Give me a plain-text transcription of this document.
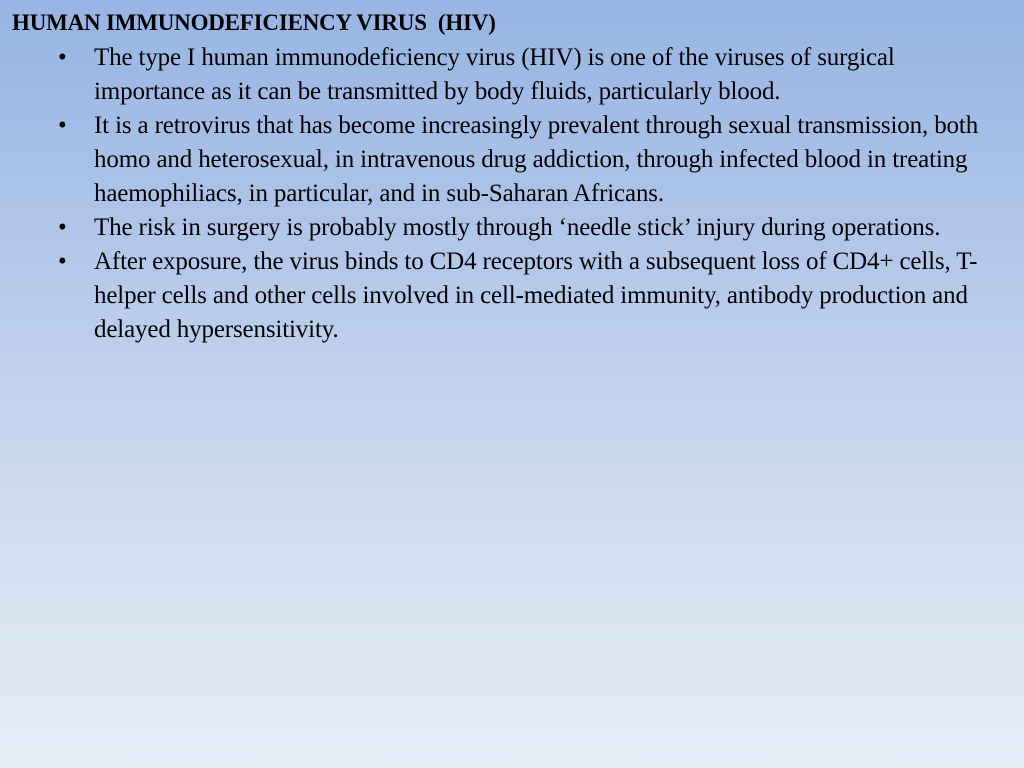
HUMAN IMMUNODEFICIENCY VIRUS  (HIV)
• The type I human immunodeficiency virus (HIV) is one of the viruses of surgical importance as it can be transmitted by body fluids, particularly blood.
• It is a retrovirus that has become increasingly prevalent through sexual transmission, both homo and heterosexual, in intravenous drug addiction, through infected blood in treating haemophiliacs, in particular, and in sub-Saharan Africans.
• The risk in surgery is probably mostly through ‘needle stick’ injury during operations.
• After exposure, the virus binds to CD4 receptors with a subsequent loss of CD4+ cells, T-helper cells and other cells involved in cell-mediated immunity, antibody production and delayed hypersensitivity.
